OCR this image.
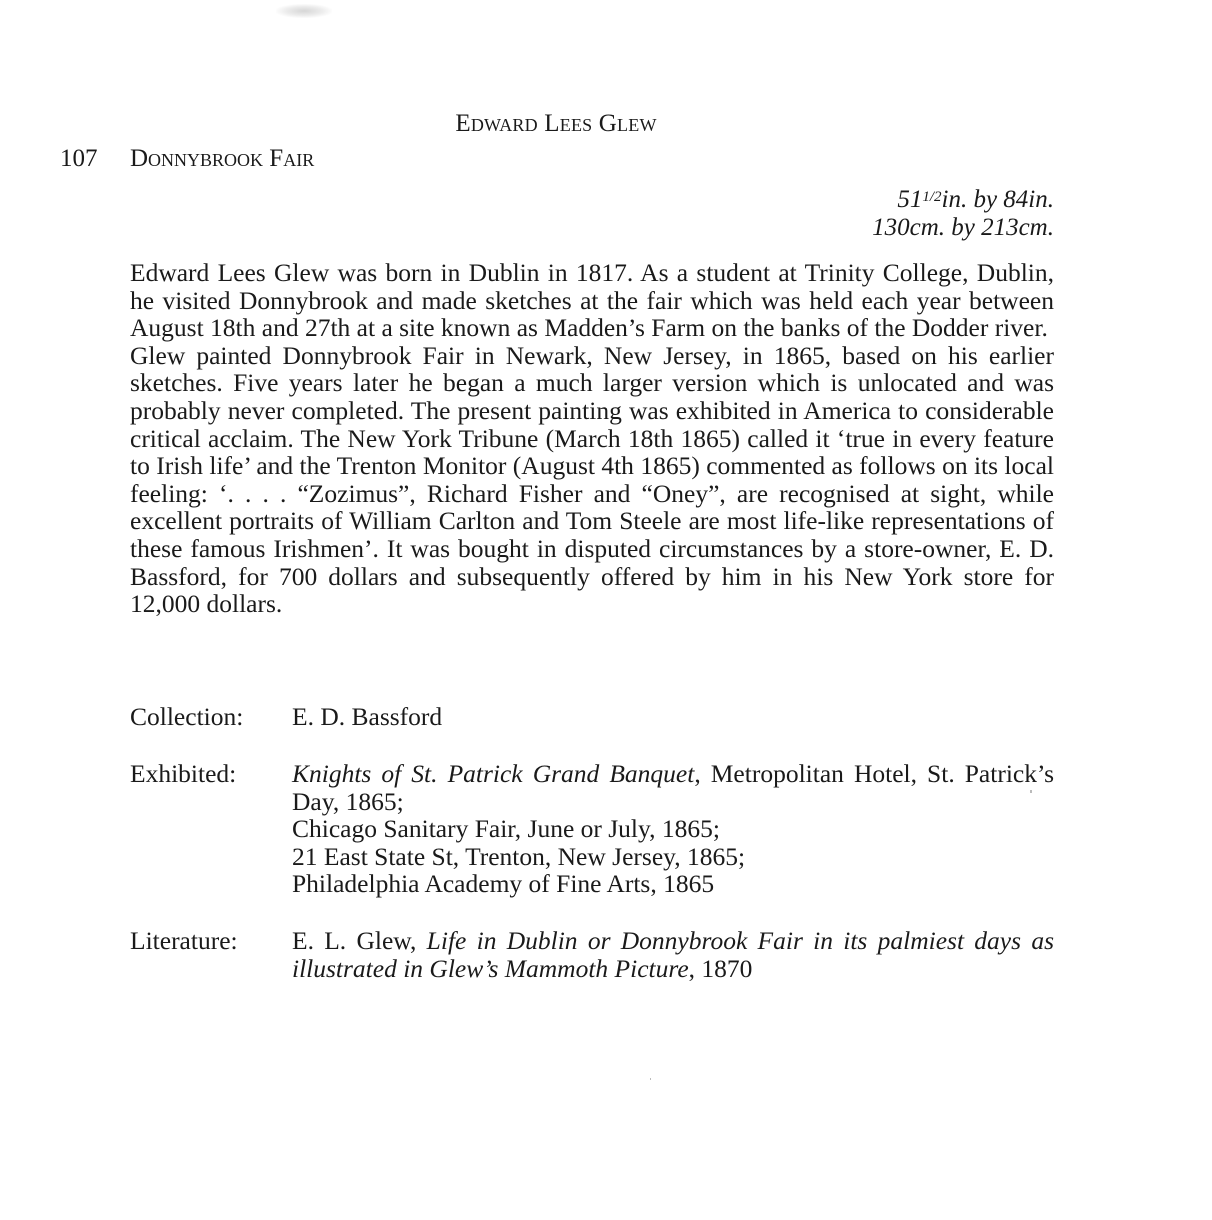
Edward Lees Glew
107 Donnybrook Fair
$51^{1/2}in$. by 84in.
130cm. by 213cm.

Edward Lees Glew was born in Dublin in 1817. As a student at Trinity College, Dublin, he visited Donnybrook and made sketches at the fair which was held each year between August 18th and 27th at a site known as Madden’s Farm on the banks of the Dodder river.

Glew painted Donnybrook Fair in Newark, New Jersey, in 1865, based on his earlier sketches. Five years later he began a much larger version which is unlocated and was probably never completed. The present painting was exhibited in America to considerable critical acclaim. The New York Tribune (March 18th 1865) called it ‘true in every feature to Irish life’ and the Trenton Monitor (August 4th 1865) commented as follows on its local feeling: ‘. . . . “Zozimus”, Richard Fisher and “Oney”, are recognised at sight, while excellent portraits of William Carlton and Tom Steele are most life-like representations of these famous Irishmen’. It was bought in disputed circumstances by a store-owner, E. D. Bassford, for 700 dollars and subsequently offered by him in his New York store for 12,000 dollars.

Collection:	E. D. Bassford
Exhibited:	Knights of St. Patrick Grand Banquet, Metropolitan Hotel, St. Patrick’s Day, 1865;
Chicago Sanitary Fair, June or July, 1865;
21 East State St, Trenton, New Jersey, 1865;
Philadelphia Academy of Fine Arts, 1865
Literature:	E. L. Glew, Life in Dublin or Donnybrook Fair in its palmiest days as illustrated in Glew’s Mammoth Picture, 1870
